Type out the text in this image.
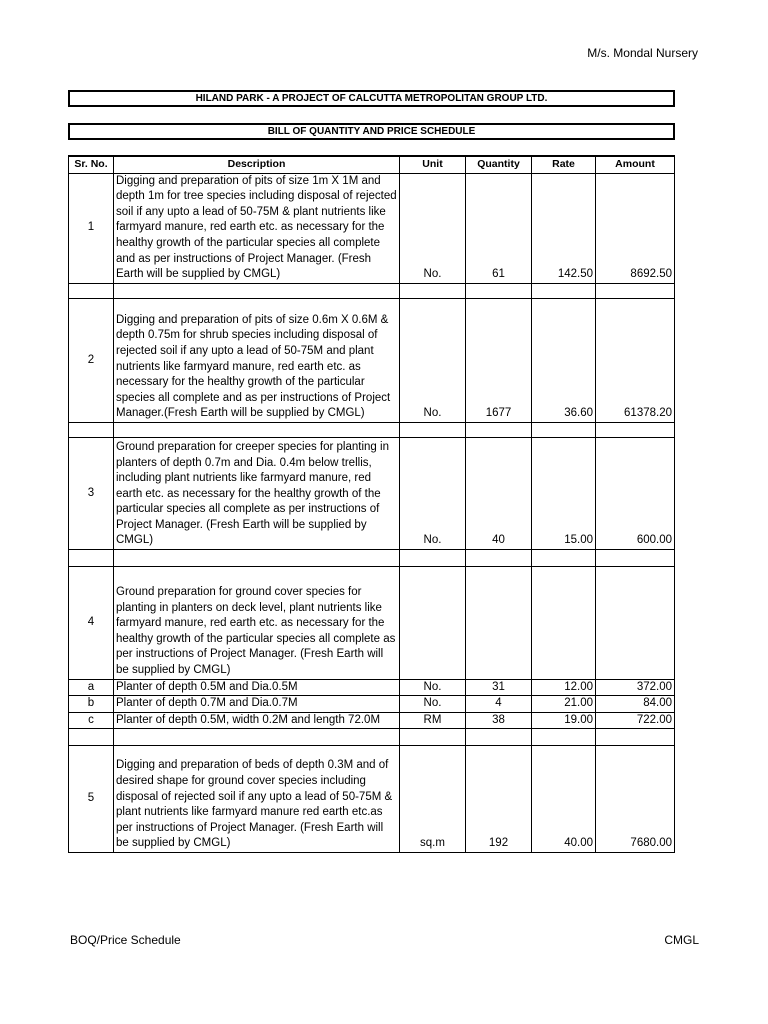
M/s. Mondal Nursery
HILAND PARK - A PROJECT OF CALCUTTA METROPOLITAN GROUP LTD.
BILL OF QUANTITY AND PRICE SCHEDULE
Sr. No.	Description	Unit	Quantity	Rate	Amount
1	Digging and preparation of pits of size 1m X 1M and depth 1m for tree species including disposal of rejected soil if any upto a lead of 50-75M & plant nutrients like farmyard manure, red earth etc. as necessary for the healthy growth of the particular species all complete and as per instructions of Project Manager. (Fresh Earth will be supplied by CMGL)	No.	61	142.50	8692.50

2	Digging and preparation of pits of size 0.6m X 0.6M & depth 0.75m for shrub species including disposal of rejected soil if any upto a lead of 50-75M and plant nutrients like farmyard manure, red earth etc. as necessary for the healthy growth of the particular species all complete and as per instructions of Project Manager.(Fresh Earth will be supplied by CMGL)	No.	1677	36.60	61378.20

3	Ground preparation for creeper species for planting in planters of depth 0.7m and Dia. 0.4m below trellis, including plant nutrients like farmyard manure, red earth etc. as necessary for the healthy growth of the particular species all complete as per instructions of Project Manager. (Fresh Earth will be supplied by CMGL)	No.	40	15.00	600.00

4	Ground preparation for ground cover species for planting in planters on deck level, plant nutrients like farmyard manure, red earth etc. as necessary for the healthy growth of the particular species all complete as per instructions of Project Manager. (Fresh Earth will be supplied by CMGL)				
a	Planter of depth 0.5M and Dia.0.5M	No.	31	12.00	372.00
b	Planter of depth 0.7M and Dia.0.7M	No.	4	21.00	84.00
c	Planter of depth 0.5M, width 0.2M and length 72.0M	RM	38	19.00	722.00

5	Digging and preparation of beds of depth 0.3M and of desired shape for ground cover species including disposal of rejected soil if any upto a lead of 50-75M & plant nutrients like farmyard manure red earth etc.as per instructions of Project Manager. (Fresh Earth will be supplied by CMGL)	sq.m	192	40.00	7680.00
BOQ/Price Schedule	CMGL
